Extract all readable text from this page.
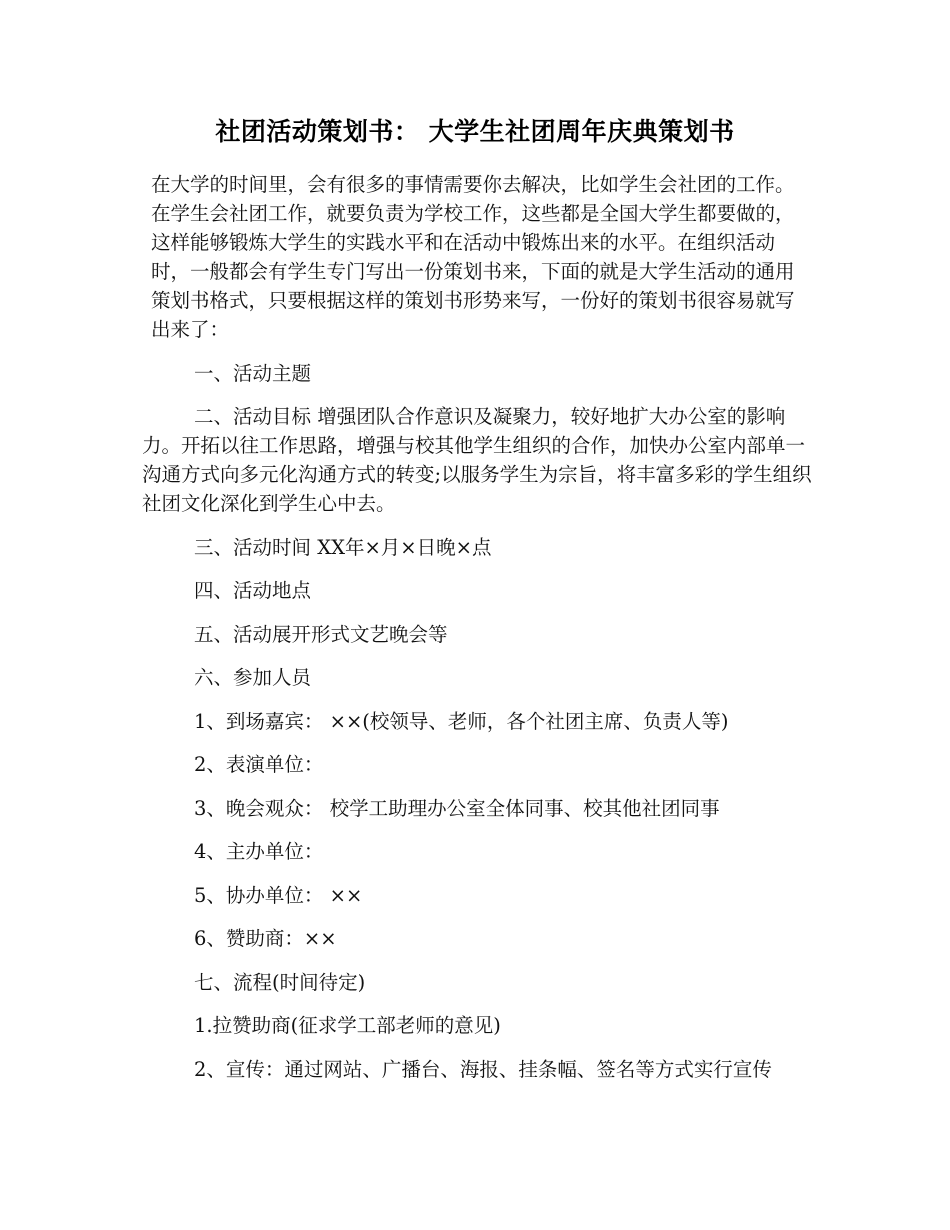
社团活动策划书： 大学生社团周年庆典策划书

在大学的时间里，会有很多的事情需要你去解决，比如学生会社团的工作。在学生会社团工作，就要负责为学校工作，这些都是全国大学生都要做的，这样能够锻炼大学生的实践水平和在活动中锻炼出来的水平。在组织活动时，一般都会有学生专门写出一份策划书来，下面的就是大学生活动的通用策划书格式，只要根据这样的策划书形势来写，一份好的策划书很容易就写出来了：

一、活动主题

二、活动目标 增强团队合作意识及凝聚力，较好地扩大办公室的影响力。开拓以往工作思路，增强与校其他学生组织的合作，加快办公室内部单一沟通方式向多元化沟通方式的转变;以服务学生为宗旨，将丰富多彩的学生组织社团文化深化到学生心中去。

三、活动时间 XX年×月×日晚×点

四、活动地点

五、活动展开形式文艺晚会等

六、参加人员

1、到场嘉宾： ××(校领导、老师，各个社团主席、负责人等)

2、表演单位：

3、晚会观众： 校学工助理办公室全体同事、校其他社团同事

4、主办单位：

5、协办单位： ××

6、赞助商：××

七、流程(时间待定)

1.拉赞助商(征求学工部老师的意见)

2、宣传：通过网站、广播台、海报、挂条幅、签名等方式实行宣传
